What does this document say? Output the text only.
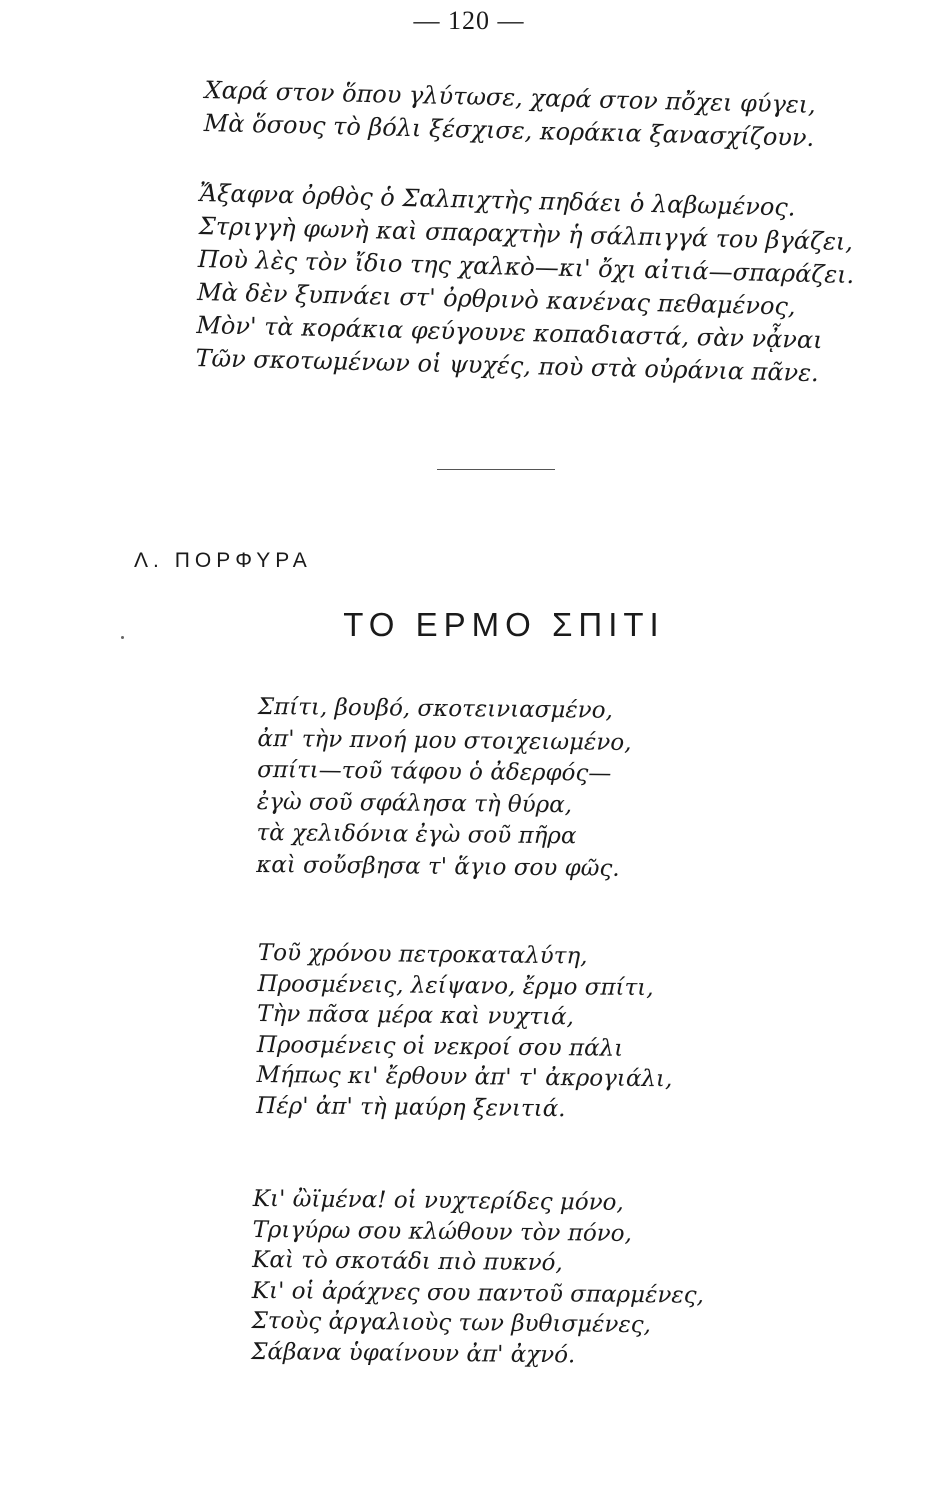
— 120 —
Χαρά στον ὅπου γλύτωσε, χαρά στον πὄχει φύγει,
Μὰ ὅσους τὸ βόλι ξέσχισε, κοράκια ξανασχίζουν.
Ἄξαφνα ὀρθὸς ὁ Σαλπιχτὴς πηδάει ὁ λαβωμένος.
Στριγγὴ φωνὴ καὶ σπαραχτὴν ἡ σάλπιγγά του βγάζει,
Ποὺ λὲς τὸν ἴδιο της χαλκὸ—κι' ὄχι αἰτιά—σπαράζει.
Μὰ δὲν ξυπνάει στ' ὀρθρινὸ κανένας πεθαμένος,
Μὸν' τὰ κοράκια φεύγουνε κοπαδιαστά, σὰν νᾆναι
Τῶν σκοτωμένων οἱ ψυχές, ποὺ στὰ οὐράνια πᾶνε.
Λ. ΠΟΡΦΥΡΑ
ΤΟ ΕΡΜΟ ΣΠΙΤΙ
Σπίτι, βουβό, σκοτεινιασμένο,
ἀπ' τὴν πνοή μου στοιχειωμένο,
σπίτι—τοῦ τάφου ὁ ἀδερφός—
ἐγὼ σοῦ σφάλησα τὴ θύρα,
τὰ χελιδόνια ἐγὼ σοῦ πῆρα
καὶ σοὔσβησα τ' ἅγιο σου φῶς.
Τοῦ χρόνου πετροκαταλύτη,
Προσμένεις, λείψανο, ἔρμο σπίτι,
Τὴν πᾶσα μέρα καὶ νυχτιά,
Προσμένεις οἱ νεκροί σου πάλι
Μήπως κι' ἔρθουν ἀπ' τ' ἀκρογιάλι,
Πέρ' ἀπ' τὴ μαύρη ξενιτιά.
Κι' ὢϊμένα! οἱ νυχτερίδες μόνο,
Τριγύρω σου κλώθουν τὸν πόνο,
Καὶ τὸ σκοτάδι πιὸ πυκνό,
Κι' οἱ ἀράχνες σου παντοῦ σπαρμένες,
Στοὺς ἀργαλιοὺς των βυθισμένες,
Σάβανα ὑφαίνουν ἀπ' ἀχνό.
